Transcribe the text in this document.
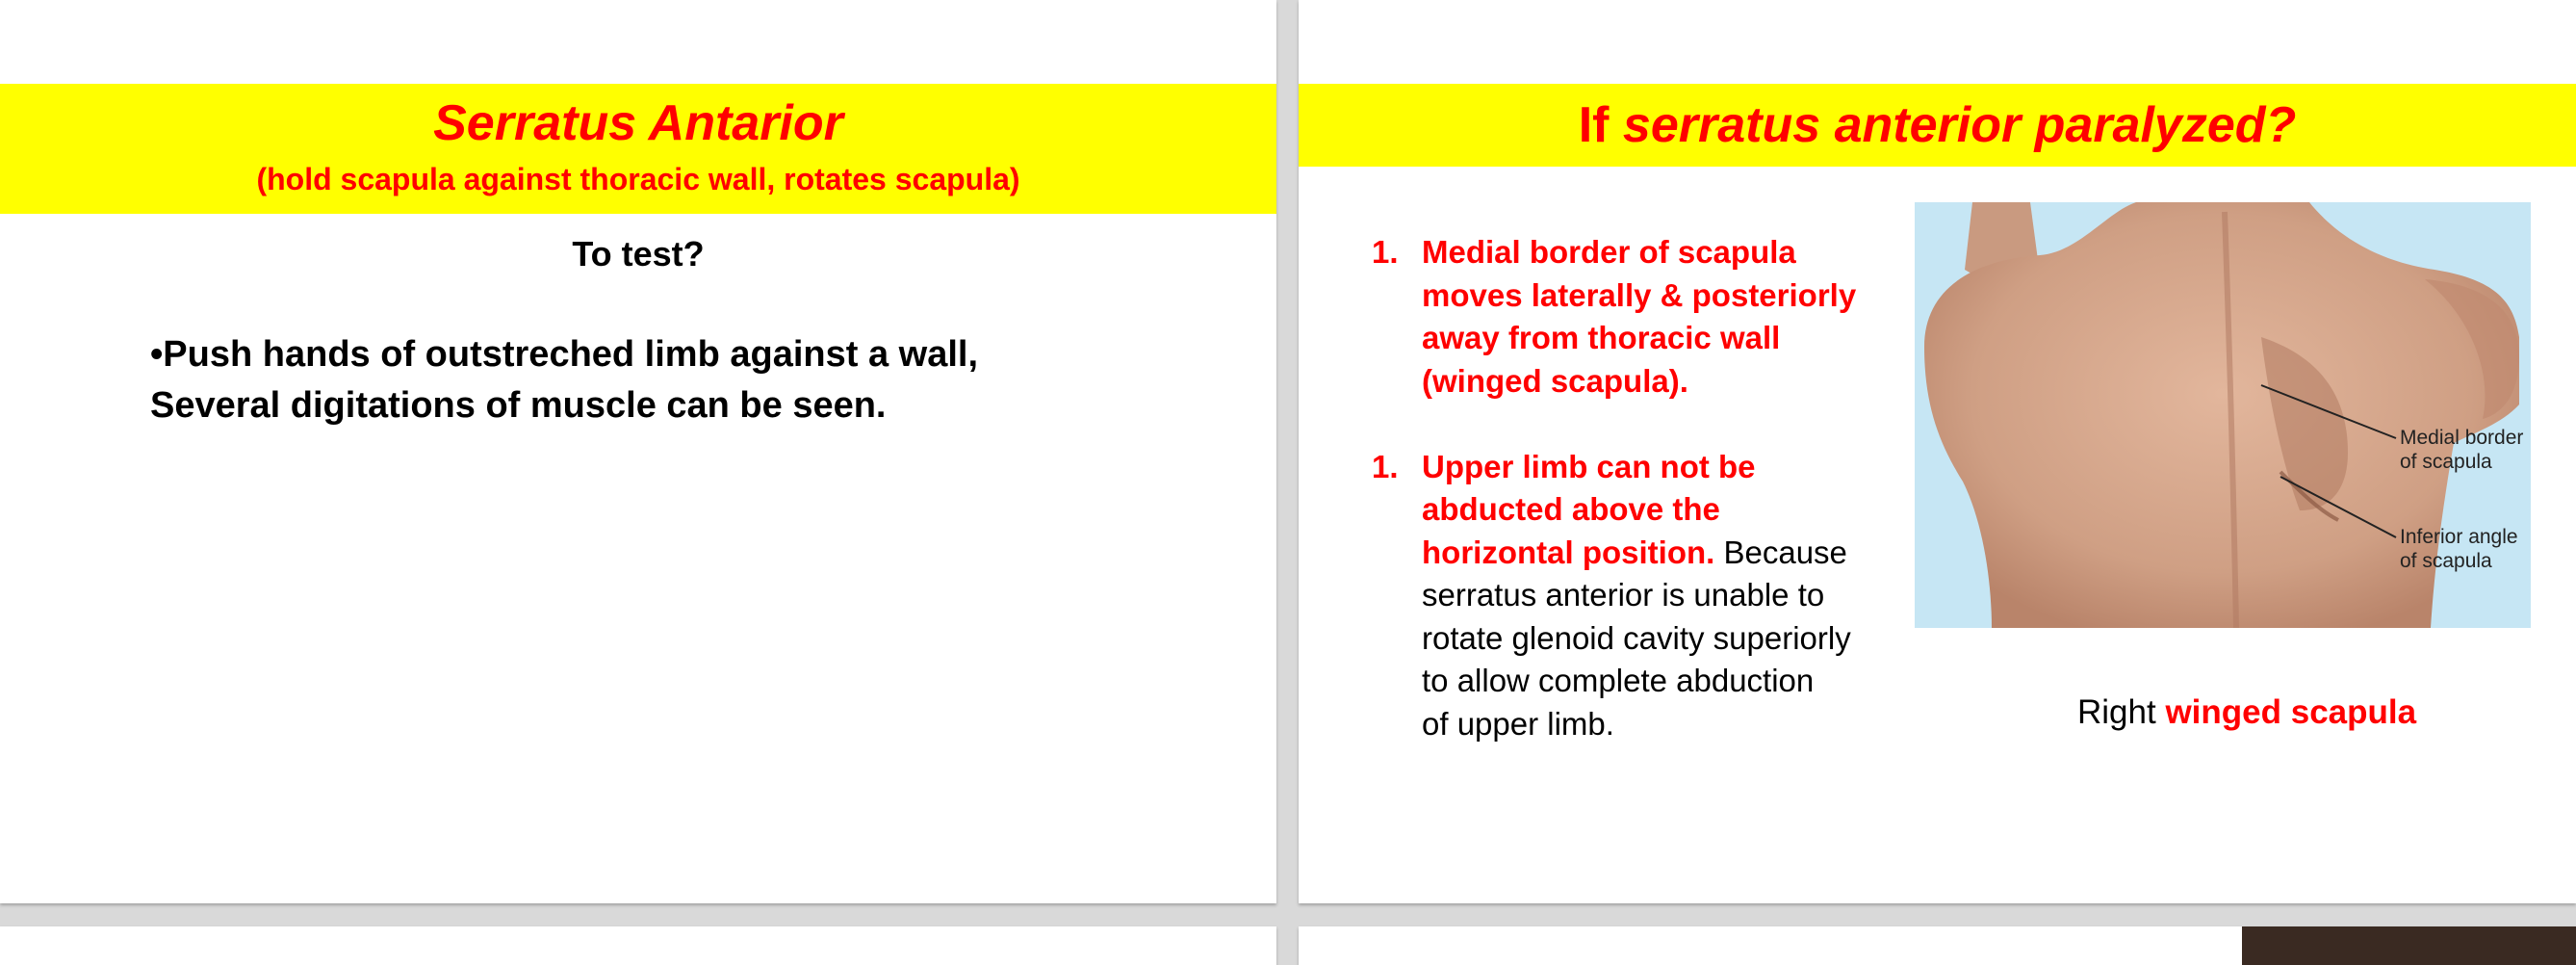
Serratus Antarior
(hold scapula against thoracic wall, rotates scapula)
To test?
•Push hands of outstreched limb against a wall,
Several digitations of muscle can be seen.
If serratus anterior paralyzed?
1. Medial border of scapula
moves laterally & posteriorly
away from thoracic wall
(winged scapula).
1. Upper limb can not be
abducted above the
horizontal position. Because
serratus anterior is unable to
rotate glenoid cavity superiorly
to allow complete abduction
of upper limb.
Medial border
of scapula
Inferior angle
of scapula
Right winged scapula
